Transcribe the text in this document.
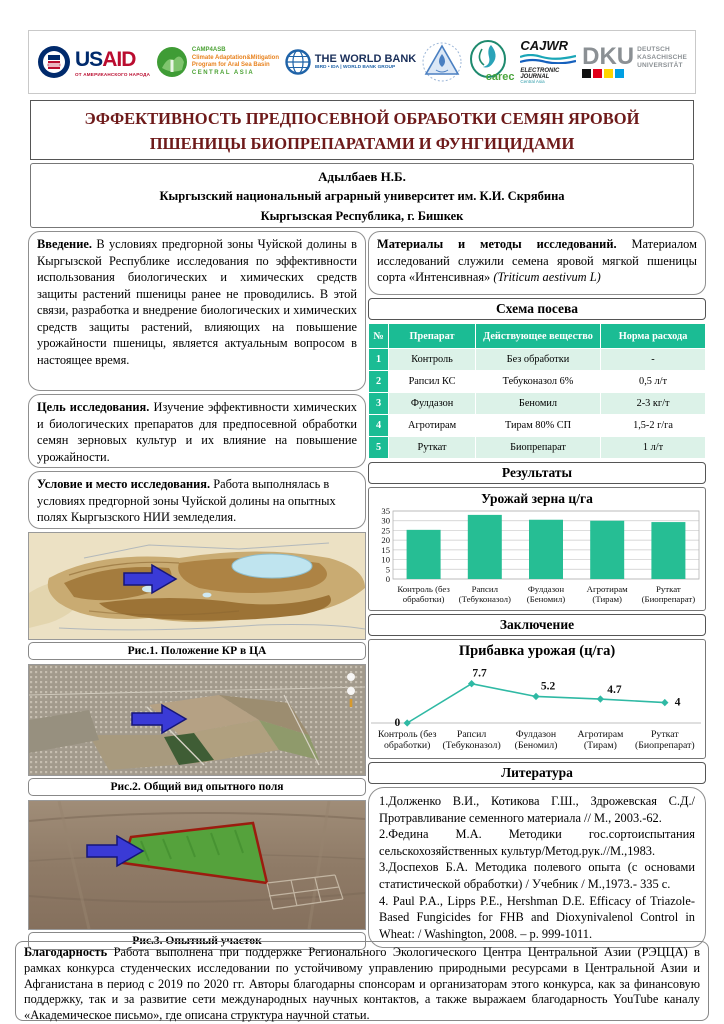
USAID
ОТ АМЕРИКАНСКОГО НАРОДА
CAMP4ASB
Climate Adaptation&Mitigation
Program for Aral Sea Basin
CENTRAL ASIA
THE WORLD BANK
IBRD • IDA | WORLD BANK GROUP
carec
CAJWR
ELECTRONIC
JOURNAL
Central Asia
DKU DEUTSCH
KASACHISCHE
UNIVERSITÄT
ЭФФЕКТИВНОСТЬ ПРЕДПОСЕВНОЙ ОБРАБОТКИ СЕМЯН ЯРОВОЙ
ПШЕНИЦЫ БИОПРЕПАРАТАМИ И ФУНГИЦИДАМИ
Адылбаев Н.Б.
Кыргызский национальный аграрный университет им. К.И. Скрябина
Кыргызская Республика, г. Бишкек
Введение. В условиях предгорной зоны Чуйской долины в Кыргызской Республике исследования по эффективности использования биологических и химических средств защиты растений пшеницы ранее не проводились. В этой связи, разработка и внедрение биологических и химических средств защиты растений, влияющих на повышение урожайности пшеницы, является актуальным вопросом в настоящее время.
Цель исследования. Изучение эффективности химических и биологических препаратов для предпосевной обработки семян зерновых культур и их влияние на повышение урожайности.
Условие и место исследования. Работа выполнялась в условиях предгорной зоны Чуйской долины на опытных полях Кыргызского НИИ земледелия.
Рис.1. Положение КР в ЦА
Рис.2. Общий вид опытного поля
Рис.3. Опытный участок
Материалы и методы исследований. Материалом исследований служили семена яровой мягкой пшеницы сорта «Интенсивная» (Triticum aestivum L)
Схема посева
№	Препарат	Действующее вещество	Норма расхода
1	Контроль	Без обработки	-
2	Рапсил КС	Тебуконазол 6%	0,5 л/т
3	Фулдазон	Беномил	2-3 кг/т
4	Агротирам	Тирам 80% СП	1,5-2 г/га
5	Руткат	Биопрепарат	1 л/т
Результаты
Урожай зерна ц/га
0
5
10
15
20
25
30
35
Контроль (без
обработки)
Рапсил
(Тебуконазол)
Фулдазон
(Беномил)
Агротирам
(Тирам)
Руткат
(Биопрепарат)
Заключение
Прибавка урожая (ц/га)
0
7.7
5.2	4.7
4
Контроль (без
обработки)
Рапсил
(Тебуконазол)
Фулдазон
(Беномил)
Агротирам
(Тирам)
Руткат
(Биопрепарат)
Литература
1.Долженко В.И., Котикова Г.Ш., Здрожевская С.Д./ Протравливание семенного материала // М., 2003.-62.
2.Федина М.А. Методики гос.сортоиспытания сельскохозяйственных культур/Метод.рук.//М.,1983.
3.Доспехов Б.А. Методика полевого опыта (с основами статистической обработки) / Учебник / М.,1973.- 335 с.
4. Paul P.A., Lipps P.E., Hershman D.E. Efficacy of Triazole-Based Fungicides for FHB and Dioxynivalenol Control in Wheat: / Washington, 2008. – p. 999-1011.
Благодарность Работа выполнена при поддержке Регионального Экологического Центра Центральной Азии (РЭЦЦА) в рамках конкурса студенческих исследовании по устойчивому управлению природными ресурсами в Центральной Азии и Афганистана в период с 2019 по 2020 гг. Авторы благодарны спонсорам и организаторам этого конкурса, как за финансовую поддержку, так и за развитие сети международных научных контактов, а также выражаем благодарность YouTube каналу «Академическое письмо», где описана структура научной статьи.
